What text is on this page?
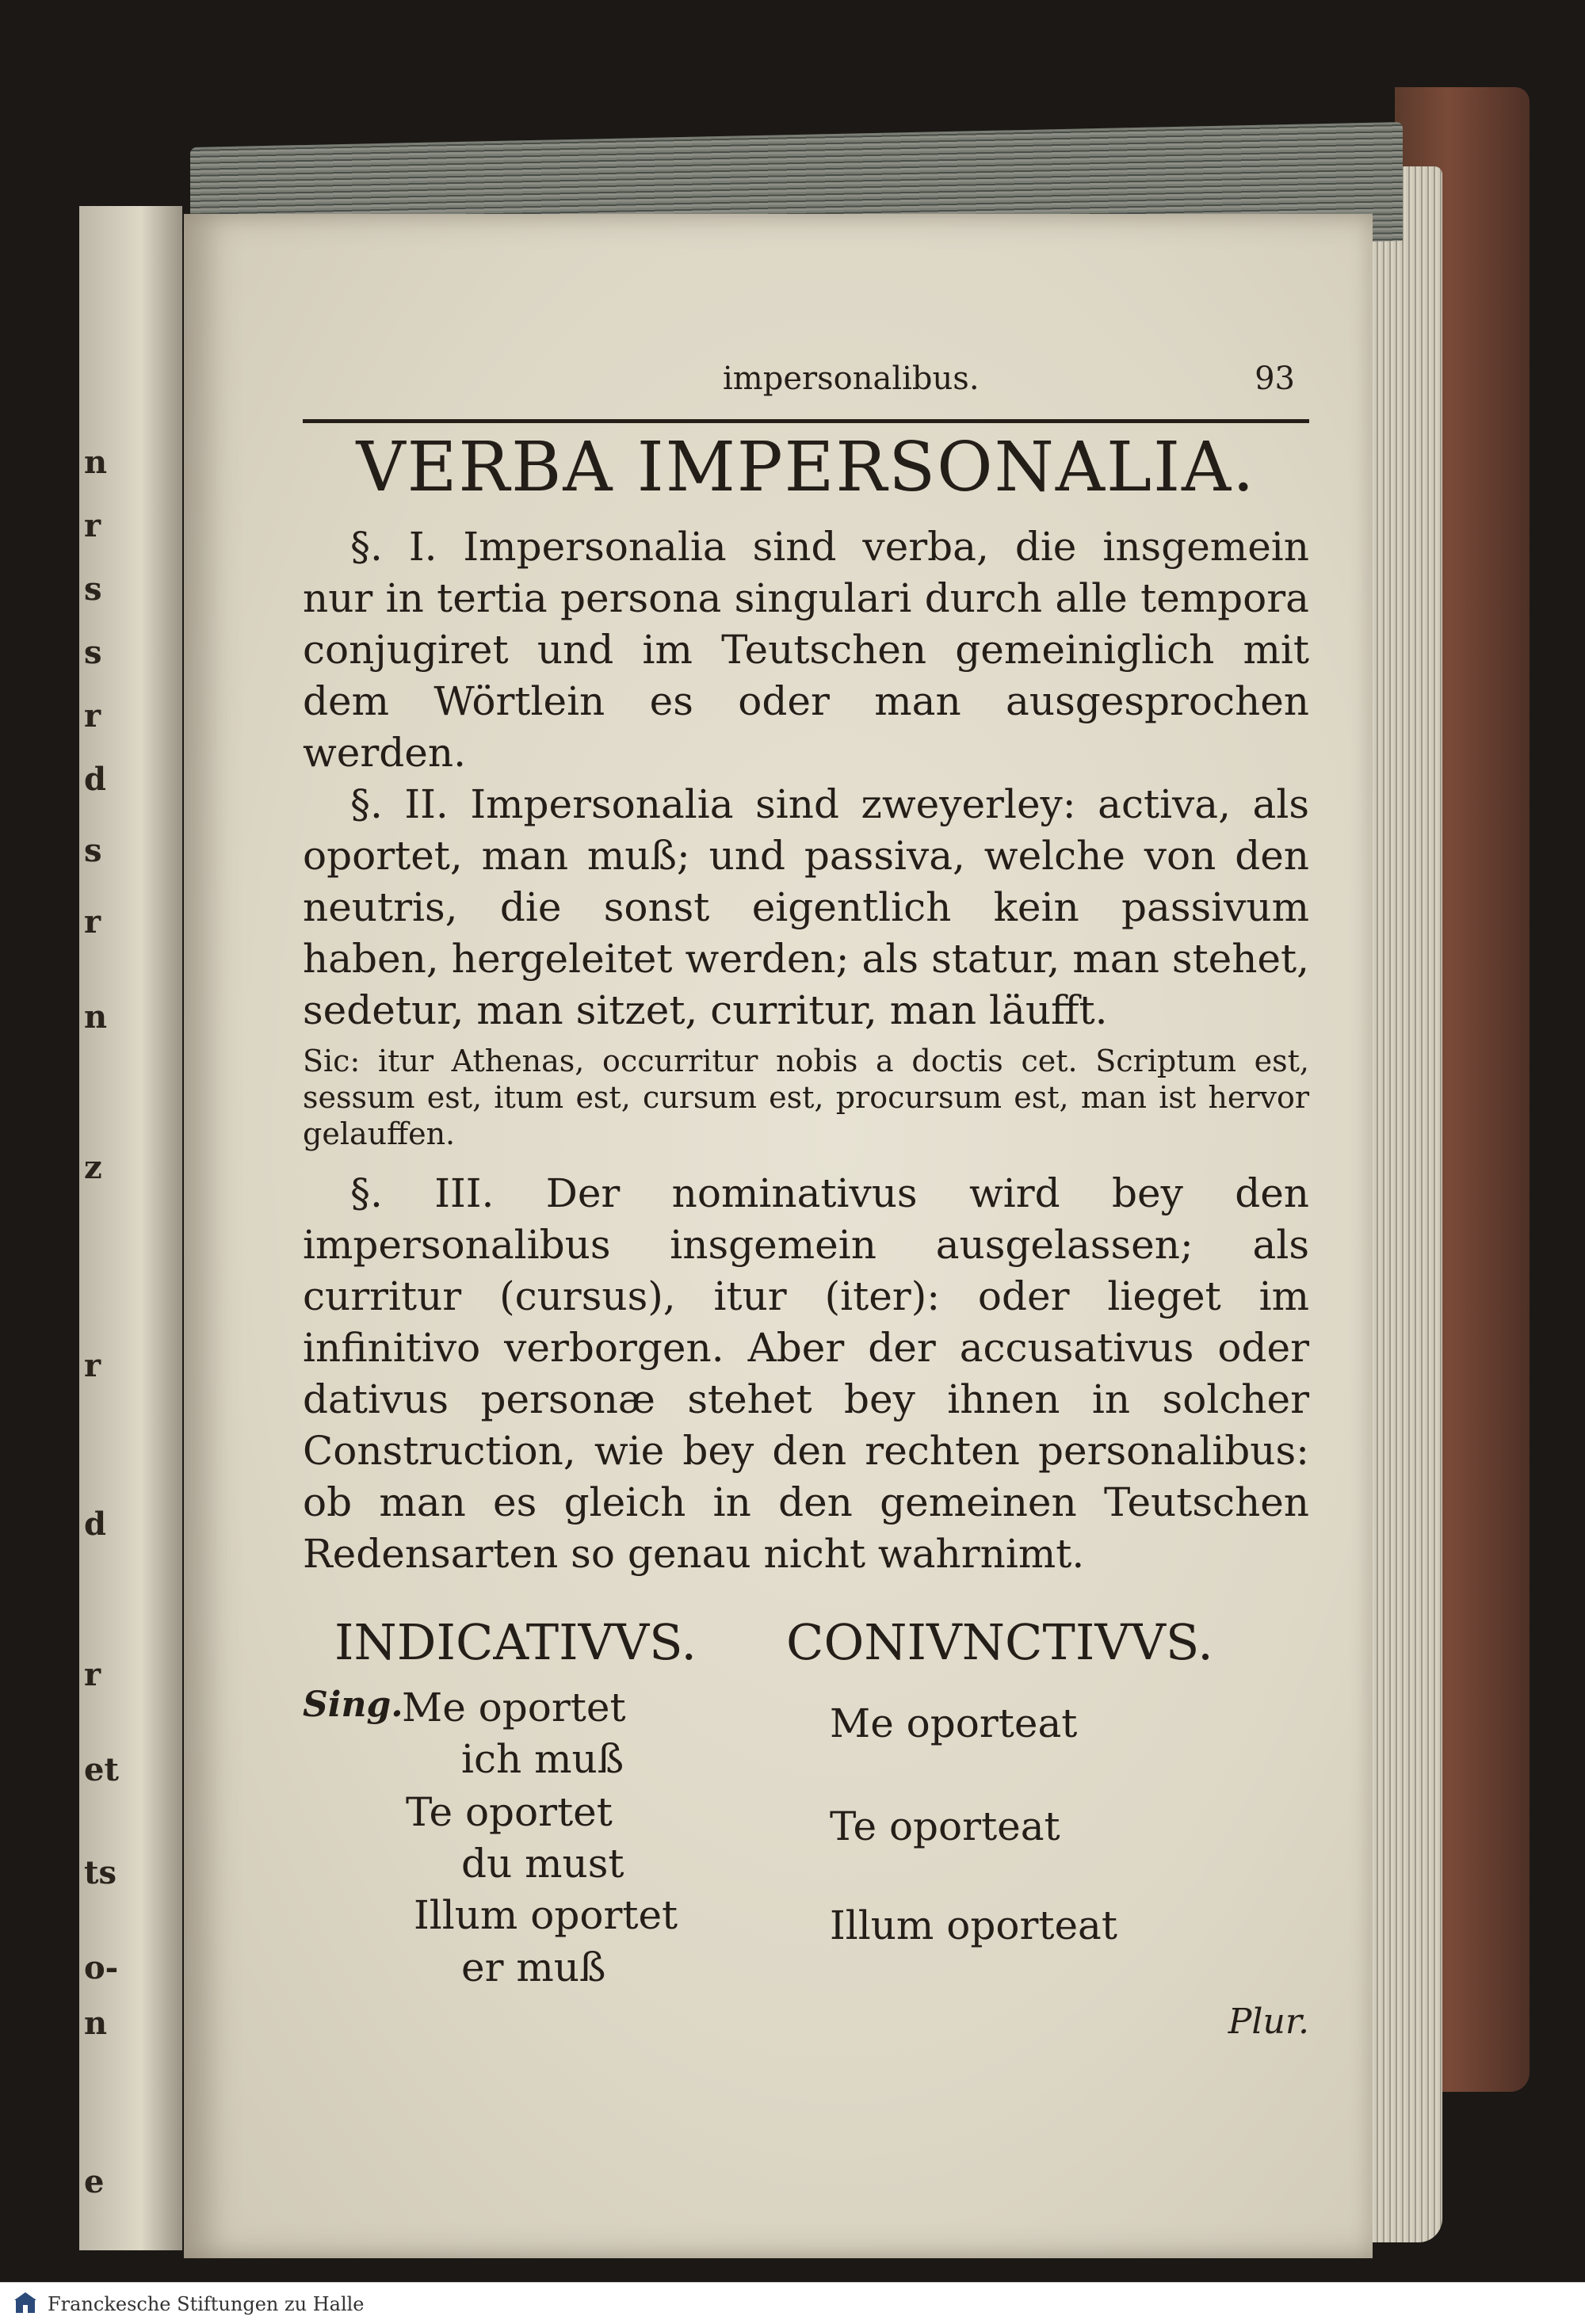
n
r
s
s
r
d
s
r
n
z
r
d
r
et
ts
o-
n
e
impersonalibus.	93
VERBA IMPERSONALIA.

§. I. Impersonalia sind verba, die insgemein nur in tertia persona singulari durch alle tempora conjugiret und im Teutschen gemeiniglich mit dem Wörtlein es oder man ausgesprochen werden.

§. II. Impersonalia sind zweyerley: activa, als oportet, man muß; und passiva, welche von den neutris, die sonst eigentlich kein passivum haben, hergeleitet werden; als statur, man stehet, sedetur, man sitzet, curritur, man läufft.

Sic: itur Athenas, occurritur nobis a doctis cet. Scriptum est, sessum est, itum est, cursum est, procursum est, man ist hervor gelauffen.

§. III. Der nominativus wird bey den impersonalibus insgemein ausgelassen; als curritur (cursus), itur (iter): oder lieget im infinitivo verborgen. Aber der accusativus oder dativus personæ stehet bey ihnen in solcher Construction, wie bey den rechten personalibus: ob man es gleich in den gemeinen Teutschen Redensarten so genau nicht wahrnimt.

INDICATIVVS. CONIVNCTIVVS.
Sing.
Me oportet
ich muß
Me oporteat
Te oportet
du must
Te oporteat
Illum oportet
er muß
Illum oporteat
Plur.
Franckesche Stiftungen zu Halle
